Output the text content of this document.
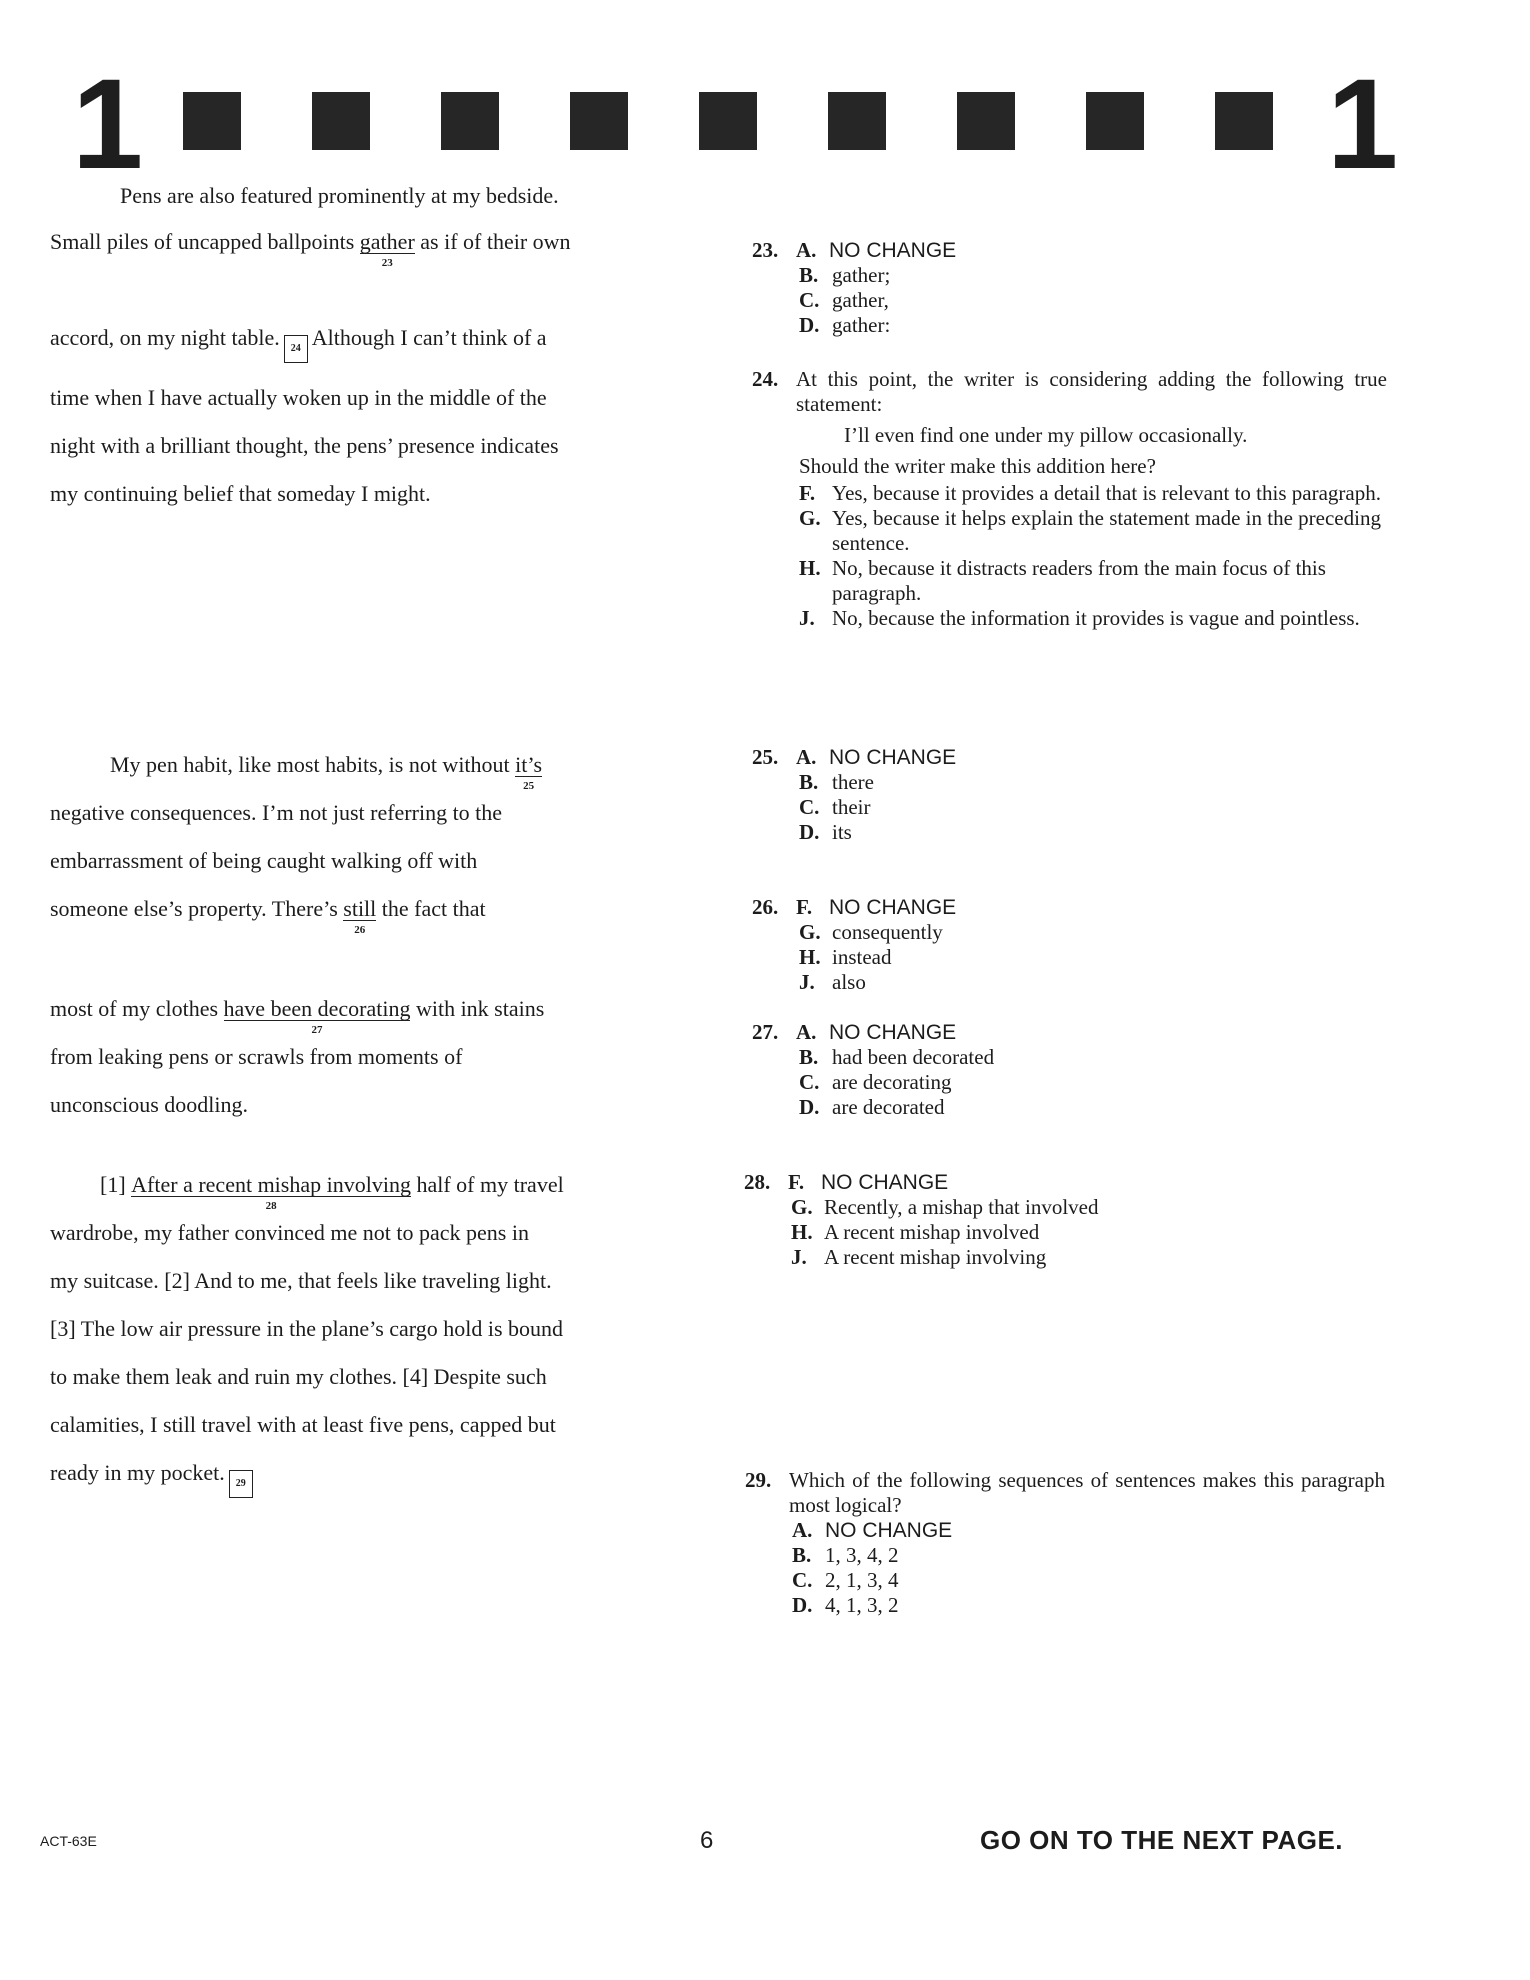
1	1

Pens are also featured prominently at my bedside.

Small piles of uncapped ballpoints gather
23
as if of their own

accord, on my night table. 24 Although I can’t think of a

time when I have actually woken up in the middle of the

night with a brilliant thought, the pens’ presence indicates

my continuing belief that someday I might.

My pen habit, like most habits, is not without it’s
25

negative consequences. I’m not just referring to the

embarrassment of being caught walking off with

someone else’s property. There’s still
26
the fact that

most of my clothes have been decorating
27
with ink stains

from leaking pens or scrawls from moments of

unconscious doodling.

[1] After a recent mishap involving
28
half of my travel

wardrobe, my father convinced me not to pack pens in

my suitcase. [2] And to me, that feels like traveling light.

[3] The low air pressure in the plane’s cargo hold is bound

to make them leak and ruin my clothes. [4] Despite such

calamities, I still travel with at least five pens, capped but

ready in my pocket. 29

23. A. NO CHANGE
B. gather;
C. gather,
D. gather:
24. At this point, the writer is considering adding the following true statement:
I’ll even find one under my pillow occasionally.
Should the writer make this addition here?
F. Yes, because it provides a detail that is relevant to this paragraph.
G. Yes, because it helps explain the statement made in the preceding sentence.
H. No, because it distracts readers from the main focus of this paragraph.
J. No, because the information it provides is vague and pointless.
25. A. NO CHANGE
B. there
C. their
D. its
26. F. NO CHANGE
G. consequently
H. instead
J. also
27. A. NO CHANGE
B. had been decorated
C. are decorating
D. are decorated
28. F. NO CHANGE
G. Recently, a mishap that involved
H. A recent mishap involved
J. A recent mishap involving
29. Which of the following sequences of sentences makes this paragraph most logical?
A. NO CHANGE
B. 1, 3, 4, 2
C. 2, 1, 3, 4
D. 4, 1, 3, 2
ACT-63E	6	GO ON TO THE NEXT PAGE.
